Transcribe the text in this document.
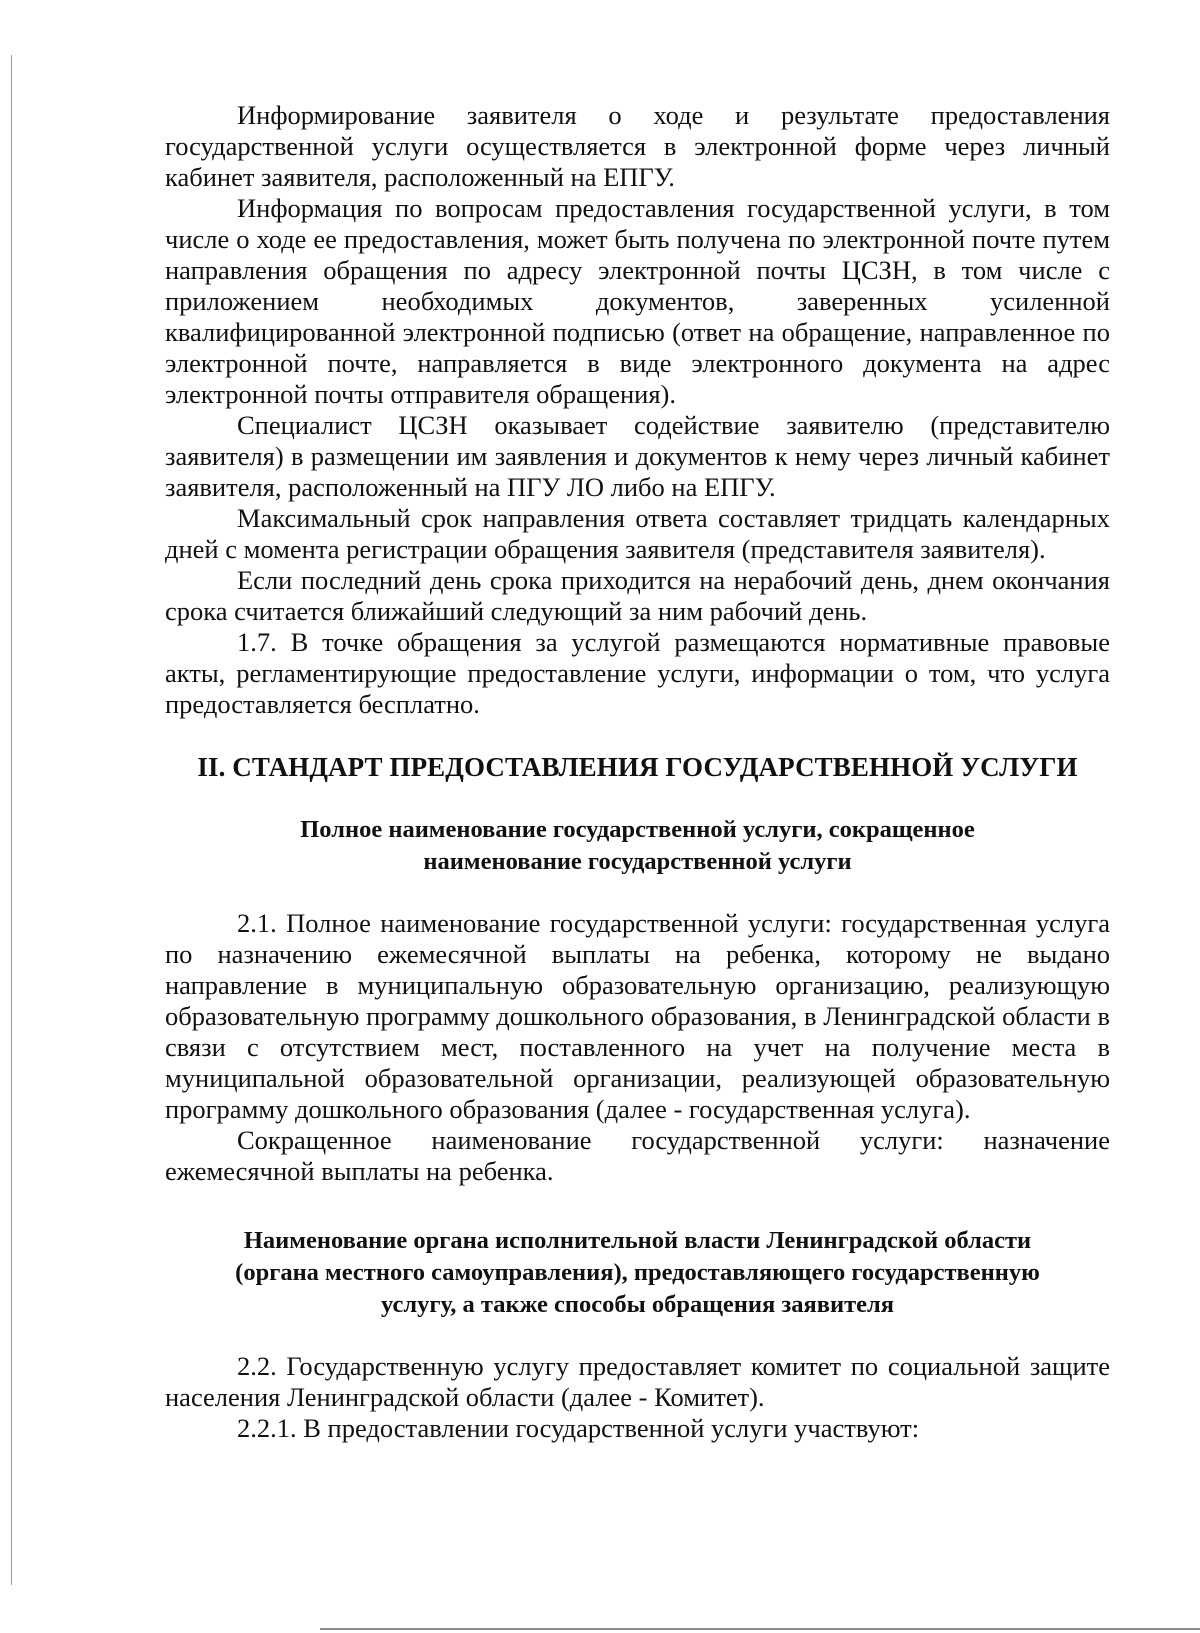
Информирование заявителя о ходе и результате предоставления государственной услуги осуществляется в электронной форме через личный кабинет заявителя, расположенный на ЕПГУ.

Информация по вопросам предоставления государственной услуги, в том числе о ходе ее предоставления, может быть получена по электронной почте путем направления обращения по адресу электронной почты ЦСЗН, в том числе с приложением необходимых документов, заверенных усиленной квалифицированной электронной подписью (ответ на обращение, направленное по электронной почте, направляется в виде электронного документа на адрес электронной почты отправителя обращения).

Специалист ЦСЗН оказывает содействие заявителю (представителю заявителя) в размещении им заявления и документов к нему через личный кабинет заявителя, расположенный на ПГУ ЛО либо на ЕПГУ.

Максимальный срок направления ответа составляет тридцать календарных дней с момента регистрации обращения заявителя (представителя заявителя).

Если последний день срока приходится на нерабочий день, днем окончания срока считается ближайший следующий за ним рабочий день.

1.7. В точке обращения за услугой размещаются нормативные правовые акты, регламентирующие предоставление услуги, информации о том, что услуга предоставляется бесплатно.

II. СТАНДАРТ ПРЕДОСТАВЛЕНИЯ ГОСУДАРСТВЕННОЙ УСЛУГИ
Полное наименование государственной услуги, сокращенное
наименование государственной услуги

2.1. Полное наименование государственной услуги: государственная услуга по назначению ежемесячной выплаты на ребенка, которому не выдано направление в муниципальную образовательную организацию, реализующую образовательную программу дошкольного образования, в Ленинградской области в связи с отсутствием мест, поставленного на учет на получение места в муниципальной образовательной организации, реализующей образовательную программу дошкольного образования (далее - государственная услуга).

Сокращенное наименование государственной услуги: назначение ежемесячной выплаты на ребенка.

Наименование органа исполнительной власти Ленинградской области
(органа местного самоуправления), предоставляющего государственную
услугу, а также способы обращения заявителя

2.2. Государственную услугу предоставляет комитет по социальной защите населения Ленинградской области (далее - Комитет).

2.2.1. В предоставлении государственной услуги участвуют:
